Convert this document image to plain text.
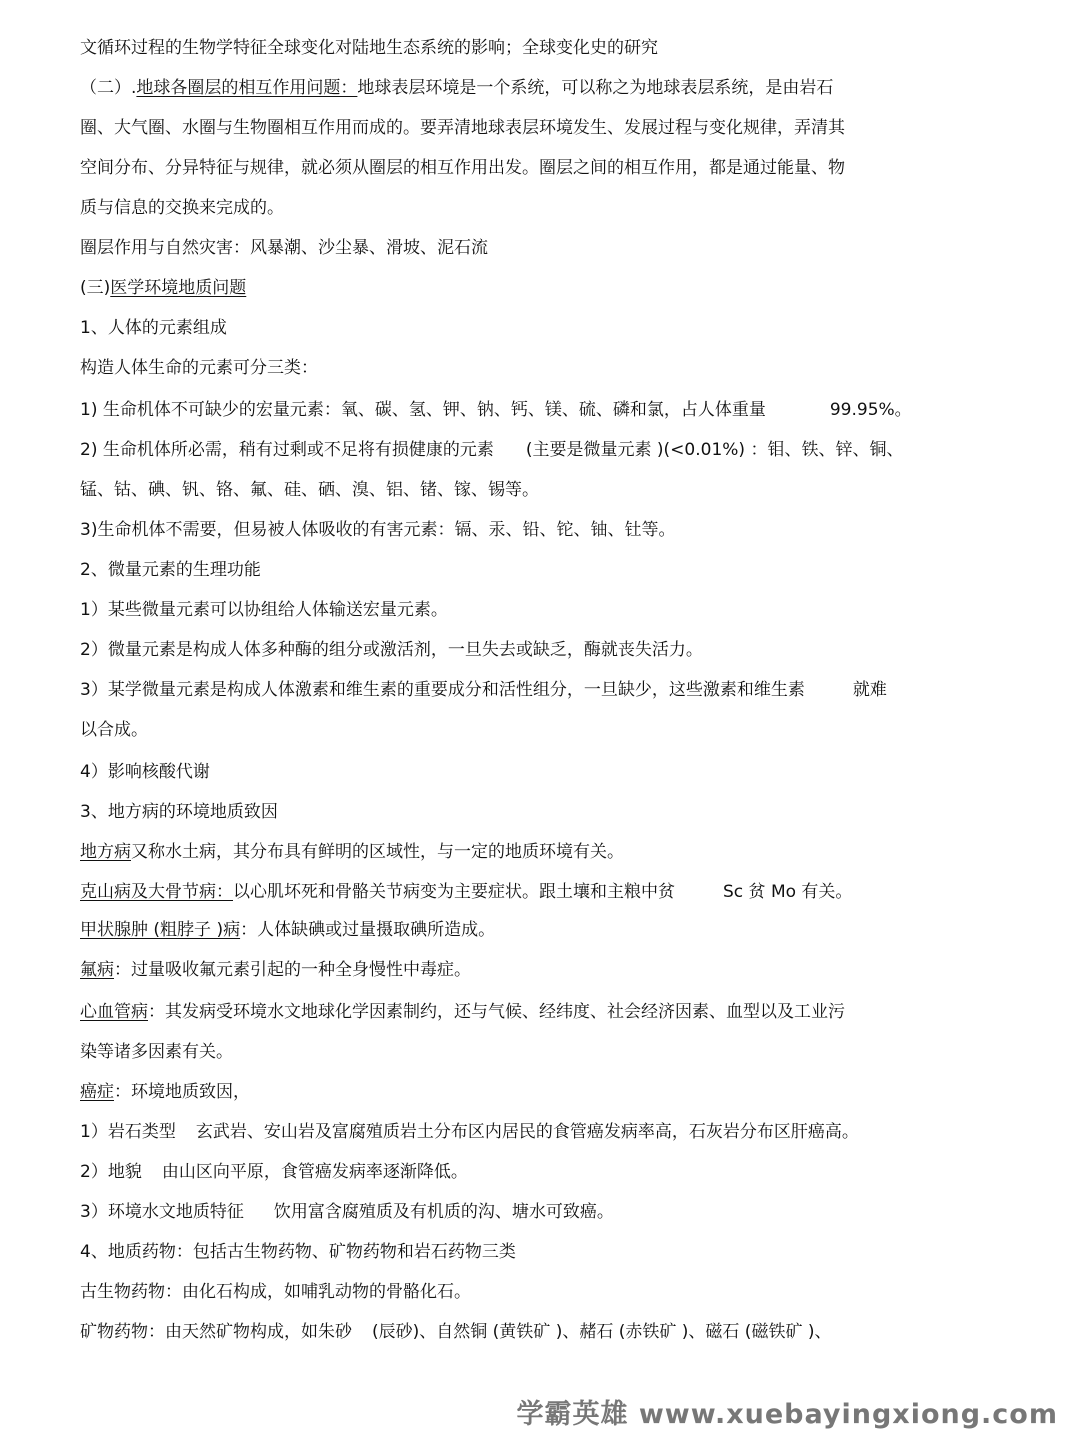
文循环过程的生物学特征全球变化对陆地生态系统的影响；全球变化史的研究
（二）.地球各圈层的相互作用问题：地球表层环境是一个系统，可以称之为地球表层系统，是由岩石
圈、大气圈、水圈与生物圈相互作用而成的。要弄清地球表层环境发生、发展过程与变化规律，弄清其
空间分布、分异特征与规律，就必须从圈层的相互作用出发。圈层之间的相互作用，都是通过能量、物
质与信息的交换来完成的。
圈层作用与自然灾害：风暴潮、沙尘暴、滑坡、泥石流
(三)医学环境地质问题
1、人体的元素组成
构造人体生命的元素可分三类：
1) 生命机体不可缺少的宏量元素：氧、碳、氢、钾、钠、钙、镁、硫、磷和氯，占人体重量	99.95%。
2) 生命机体所必需，稍有过剩或不足将有损健康的元素 (主要是微量元素 )(<0.01%) ：钼、铁、锌、铜、
锰、钴、碘、钒、铬、氟、硅、硒、溴、铝、锗、镓、锡等。
3)生命机体不需要，但易被人体吸收的有害元素：镉、汞、铅、铊、铀、钍等。
2、微量元素的生理功能
1）某些微量元素可以协组给人体输送宏量元素。
2）微量元素是构成人体多种酶的组分或激活剂，一旦失去或缺乏，酶就丧失活力。
3）某学微量元素是构成人体激素和维生素的重要成分和活性组分，一旦缺少，这些激素和维生素	就难
以合成。
4）影响核酸代谢
3、地方病的环境地质致因
地方病又称水土病，其分布具有鲜明的区域性，与一定的地质环境有关。
克山病及大骨节病：以心肌坏死和骨骼关节病变为主要症状。跟土壤和主粮中贫	Sc 贫 Mo 有关。
甲状腺肿 (粗脖子 )病：人体缺碘或过量摄取碘所造成。
氟病：过量吸收氟元素引起的一种全身慢性中毒症。
心血管病：其发病受环境水文地球化学因素制约，还与气候、经纬度、社会经济因素、血型以及工业污
染等诸多因素有关。
癌症：环境地质致因，
1）岩石类型 玄武岩、安山岩及富腐殖质岩土分布区内居民的食管癌发病率高，石灰岩分布区肝癌高。
2）地貌 由山区向平原，食管癌发病率逐渐降低。
3）环境水文地质特征 饮用富含腐殖质及有机质的沟、塘水可致癌。
4、地质药物：包括古生物药物、矿物药物和岩石药物三类
古生物药物：由化石构成，如哺乳动物的骨骼化石。
矿物药物：由天然矿物构成，如朱砂 (辰砂)、自然铜 (黄铁矿 )、赭石 (赤铁矿 )、磁石 (磁铁矿 )、
学霸英雄 www.xuebayingxiong.com
